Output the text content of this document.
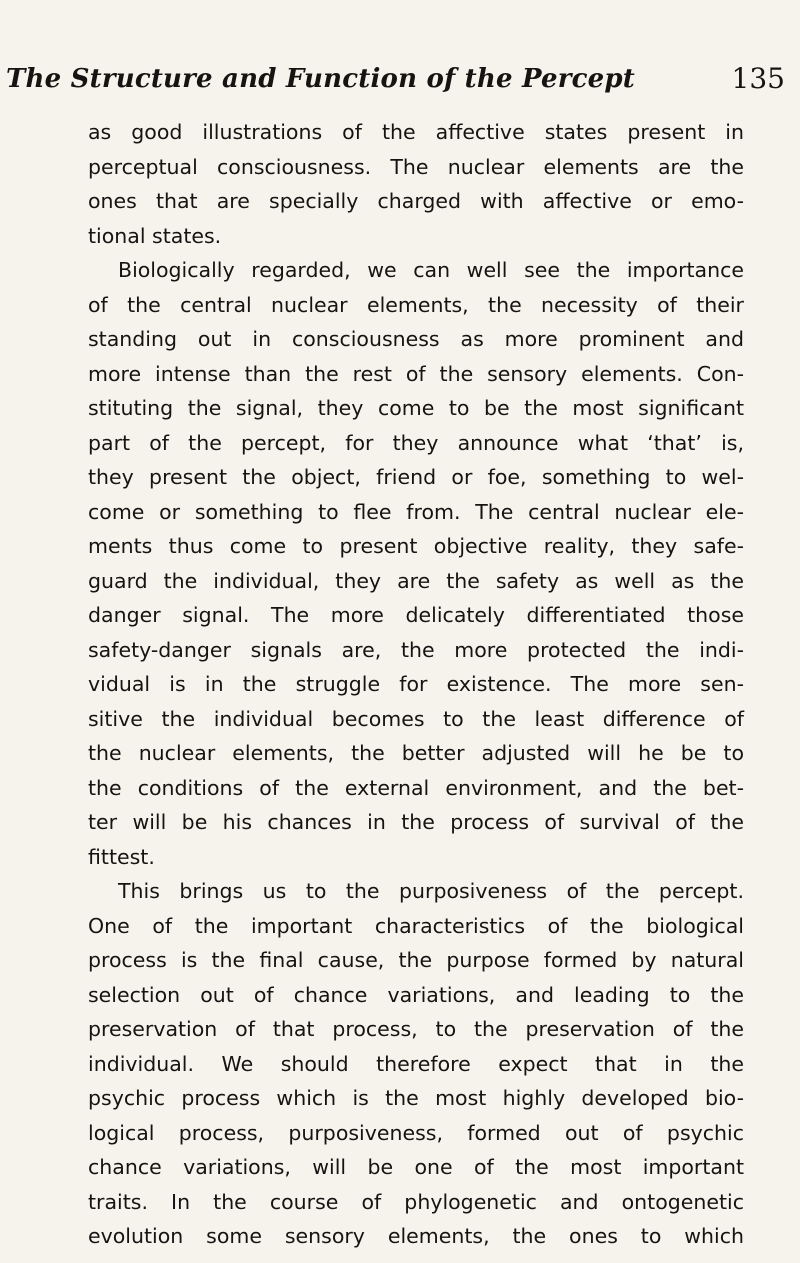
The Structure and Function of the Percept	135
as good illustrations of the affective states present in
perceptual consciousness. The nuclear elements are the
ones that are specially charged with affective or emo-
tional states.
Biologically regarded, we can well see the importance
of the central nuclear elements, the necessity of their
standing out in consciousness as more prominent and
more intense than the rest of the sensory elements. Con-
stituting the signal, they come to be the most significant
part of the percept, for they announce what ‘that’ is,
they present the object, friend or foe, something to wel-
come or something to flee from. The central nuclear ele-
ments thus come to present objective reality, they safe-
guard the individual, they are the safety as well as the
danger signal. The more delicately differentiated those
safety-danger signals are, the more protected the indi-
vidual is in the struggle for existence. The more sen-
sitive the individual becomes to the least difference of
the nuclear elements, the better adjusted will he be to
the conditions of the external environment, and the bet-
ter will be his chances in the process of survival of the
fittest.
This brings us to the purposiveness of the percept.
One of the important characteristics of the biological
process is the final cause, the purpose formed by natural
selection out of chance variations, and leading to the
preservation of that process, to the preservation of the
individual. We should therefore expect that in the
psychic process which is the most highly developed bio-
logical process, purposiveness, formed out of psychic
chance variations, will be one of the most important
traits. In the course of phylogenetic and ontogenetic
evolution some sensory elements, the ones to which
